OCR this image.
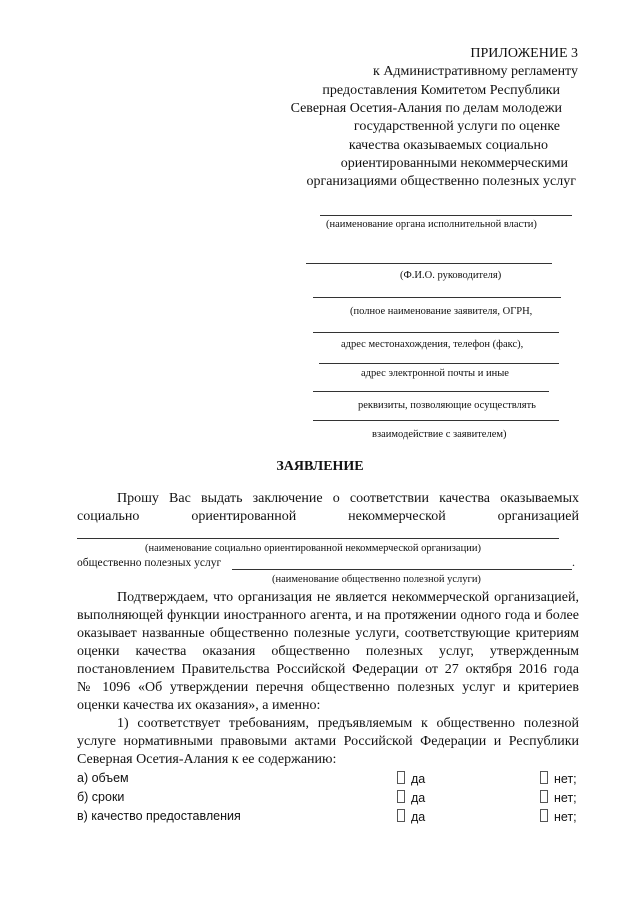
ПРИЛОЖЕНИЕ 3
к Административному регламенту
предоставления Комитетом Республики
Северная Осетия-Алания по делам молодежи
государственной услуги по оценке
качества оказываемых социально
ориентированными некоммерческими
организациями общественно полезных услуг
(наименование органа исполнительной власти)
(Ф.И.О. руководителя)
(полное наименование заявителя, ОГРН,
адрес местонахождения, телефон (факс),
адрес электронной почты и иные
реквизиты, позволяющие осуществлять
взаимодействие с заявителем)
ЗАЯВЛЕНИЕ
Прошу Вас выдать заключение о соответствии качества оказываемых
социально ориентированной некоммерческой организацией
(наименование социально ориентированной некоммерческой организации)
общественно полезных услуг	.
(наименование общественно полезной услуги)
Подтверждаем, что организация не является некоммерческой организацией,
выполняющей функции иностранного агента, и на протяжении одного года и более
оказывает названные общественно полезные услуги, соответствующие критериям
оценки качества оказания общественно полезных услуг, утвержденным
постановлением Правительства Российской Федерации от 27 октября 2016 года
№ 1096 «Об утверждении перечня общественно полезных услуг и критериев
оценки качества их оказания», а именно:
1) соответствует требованиям, предъявляемым к общественно полезной
услуге нормативными правовыми актами Российской Федерации и Республики
Северная Осетия-Алания к ее содержанию:
а) объем	да	нет;
б) сроки	да	нет;
в) качество предоставления	да	нет;
